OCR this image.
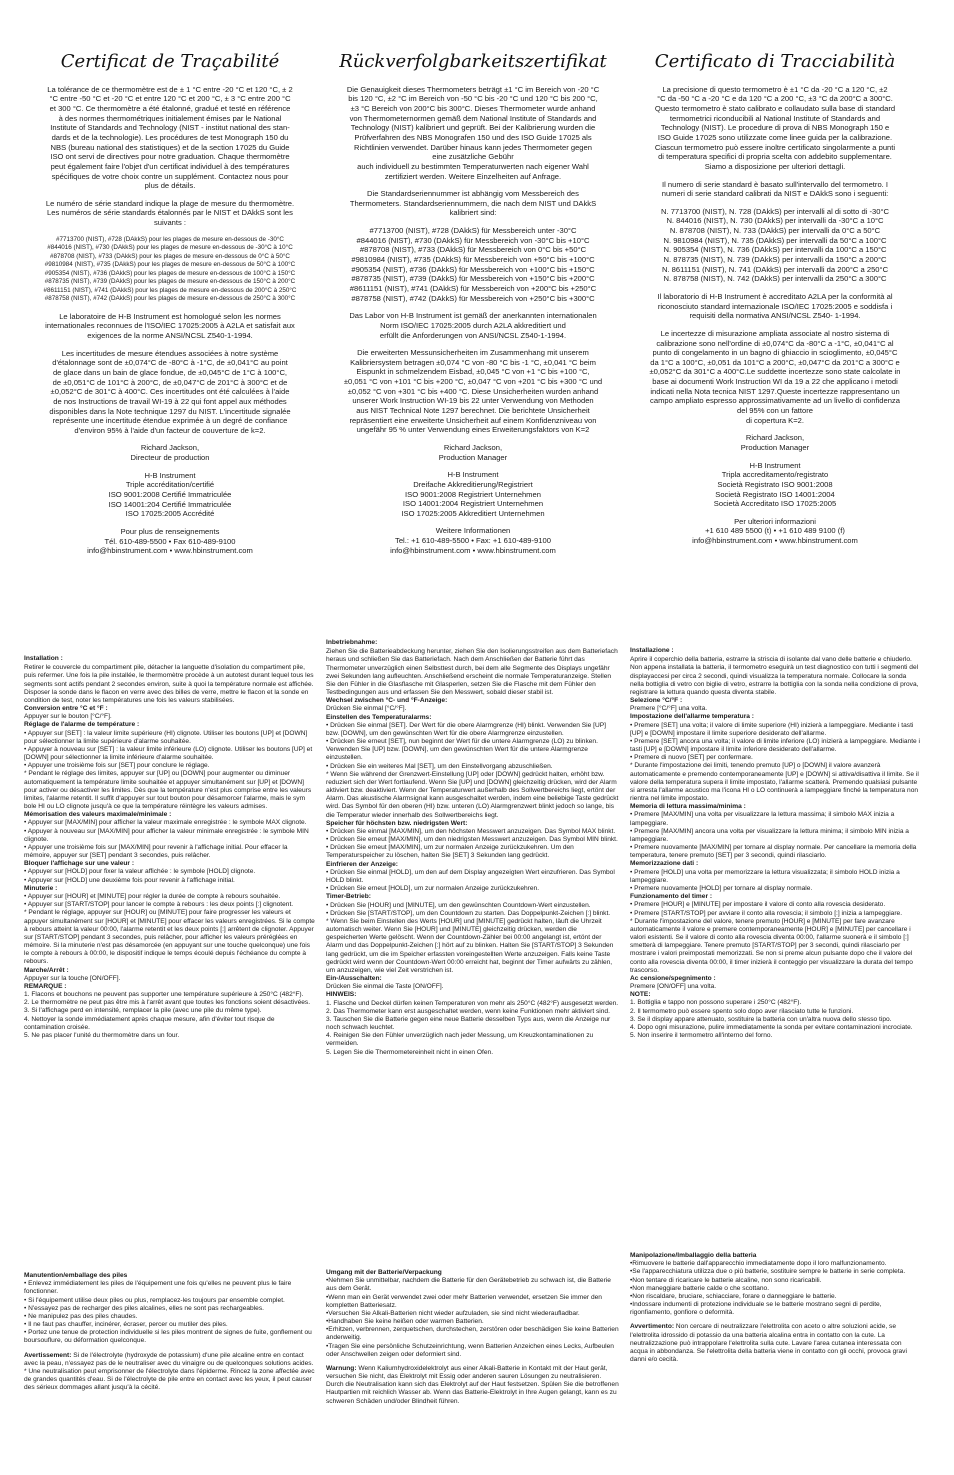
Certificat de Traçabilité

La tolérance de ce thermomètre est de ± 1 °C entre -20 °C et 120 °C, ± 2
°C entre -50 °C et -20 °C et entre 120 °C et 200 °C, ± 3 °C entre 200 °C
et 300 °C. Ce thermomètre a été étalonné, gradué et testé en référence
à des normes thermométriques initialement émises par le National
Institute of Standards and Technology (NIST - institut national des stan-
dards et de la technologie). Les procédures de test Monograph 150 du
NBS (bureau national des statistiques) et de la section 17025 du Guide
ISO ont servi de directives pour notre graduation. Chaque thermomètre
peut également faire l'objet d'un certificat individuel à des températures
spécifiques de votre choix contre un supplément. Contactez nous pour
plus de détails.

Le numéro de série standard indique la plage de mesure du thermomètre.
Les numéros de série standards étalonnés par le NIST et DAkkS sont les
suivants :

#7713700 (NIST), #728 (DAkkS) pour les plages de mesure en-dessous de -30°C
#844016 (NIST), #730 (DAkkS) pour les plages de mesure en-dessous de -30°C à 10°C
#878708 (NIST), #733 (DAkkS) pour les plages de mesure en-dessous de 0°C à 50°C
#9810984 (NIST), #735 (DAkkS) pour les plages de mesure en-dessous de 50°C à 100°C
#905354 (NIST), #736 (DAkkS) pour les plages de mesure en-dessous de 100°C à 150°C
#878735 (NIST), #739 (DAkkS) pour les plages de mesure en-dessous de 150°C à 200°C
#8611151 (NIST), #741 (DAkkS) pour les plages de mesure en-dessous de 200°C à 250°C
#878758 (NIST), #742 (DAkkS) pour les plages de mesure en-dessous de 250°C à 300°C

Le laboratoire de H-B Instrument est homologué selon les normes
internationales reconnues de l'ISO/IEC 17025:2005 à A2LA et satisfait aux
exigences de la norme ANSI/NCSL Z540-1-1994.

Les incertitudes de mesure étendues associées à notre système
d'étalonnage sont de ±0,074°C de -80°C à -1°C, de ±0,041°C au point
de glace dans un bain de glace fondue, de ±0,045°C de 1°C à 100°C,
de ±0,051°C de 101°C à 200°C, de ±0,047°C de 201°C à 300°C et de
±0,052°C de 301°C à 400°C. Ces incertitudes ont été calculées à l'aide
de nos Instructions de travail WI-19 à 22 qui font appel aux méthodes
disponibles dans la Note technique 1297 du NIST. L'incertitude signalée
représente une incertitude étendue exprimée à un degré de confiance
d'environ 95% à l'aide d'un facteur de couverture de k=2.

Richard Jackson,
Directeur de production

H-B Instrument
Triple accréditation/certifié
ISO 9001:2008 Certifié Immatriculée
ISO 14001:204 Certifié Immatriculée
ISO 17025:2005 Accrédité

Pour plus de renseignements
Tél. 610-489-5500 • Fax 610-489-9100
info@hbinstrument.com • www.hbinstrument.com

Rückverfolgbarkeitszertifikat

Die Genauigkeit dieses Thermometers beträgt ±1 °C im Bereich von -20 °C
bis 120 °C, ±2 °C im Bereich von -50 °C bis -20 °C und 120 °C bis 200 °C,
±3 °C Bereich von 200°C bis 300°C. Dieses Thermometer wurde anhand
von Thermometernormen gemäß dem National Institute of Standards and
Technology (NIST) kalibriert und geprüft. Bei der Kalibrierung wurden die
Prüfverfahren des NBS Monografen 150 und des ISO Guide 17025 als
Richtlinien verwendet. Darüber hinaus kann jedes Thermometer gegen
eine zusätzliche Gebühr
auch individuell zu bestimmten Temperaturwerten nach eigener Wahl
zertifiziert werden. Weitere Einzelheiten auf Anfrage.

Die Standardseriennummer ist abhängig vom Messbereich des
Thermometers. Standardseriennummern, die nach dem NIST und DAkkS
kalibriert sind:

#7713700 (NIST), #728 (DAkkS) für Messbereich unter -30°C
#844016 (NIST), #730 (DAkkS) für Messbereich von -30°C bis +10°C
#878708 (NIST), #733 (DAkkS) für Messbereich von 0°C bis +50°C
#9810984 (NIST), #735 (DAkkS) für Messbereich von +50°C bis +100°C
#905354 (NIST), #736 (DAkkS) für Messbereich von +100°C bis +150°C
#878735 (NIST), #739 (DAkkS) für Messbereich von +150°C bis +200°C
#8611151 (NIST), #741 (DAkkS) für Messbereich von +200°C bis +250°C
#878758 (NIST), #742 (DAkkS) für Messbereich von +250°C bis +300°C

Das Labor von H-B Instrument ist gemäß der anerkannten internationalen
Norm ISO/IEC 17025:2005 durch A2LA akkreditiert und
erfüllt die Anforderungen von ANSI/NCSL Z540-1-1994.

Die erweiterten Messunsicherheiten im Zusammenhang mit unserem
Kalibriersystem betragen ±0,074 °C von -80 °C bis -1 °C, ±0,041 °C beim
Eispunkt in schmelzendem Eisbad, ±0,045 °C von +1 °C bis +100 °C,
±0,051 °C von +101 °C bis +200 °C, ±0,047 °C von +201 °C bis +300 °C und
±0,052 °C von +301 °C bis +400 °C. Diese Unsicherheiten wurden anhand
unserer Work Instruction WI-19 bis 22 unter Verwendung von Methoden
aus NIST Technical Note 1297 berechnet. Die berichtete Unsicherheit
repräsentiert eine erweiterte Unsicherheit auf einem Konfidenzniveau von
ungefähr 95 % unter Verwendung eines Erweiterungsfaktors von K=2

Richard Jackson,
Production Manager

H-B Instrument
Dreifache Akkreditierung/Registriert
ISO 9001:2008 Registriert Unternehmen
ISO 14001:2004 Registriert Unternehmen
ISO 17025:2005 Akkreditiert Unternehmen

Weitere Informationen
Tel.: +1 610-489-5500 • Fax: +1 610-489-9100
info@hbinstrument.com • www.hbinstrument.com

Certificato di Tracciabilità

La precisione di questo termometro è ±1 °C da -20 °C a 120 °C, ±2
°C da -50 °C a -20 °C e da 120 °C a 200 °C, ±3 °C da 200°C a 300°C.
Questo termometro è stato calibrato e collaudato sulla base di standard
termometrici riconducibili al National Institute of Standards and
Technology (NIST). Le procedure di prova di NBS Monograph 150 e
ISO Guide 17025 sono utilizzate come linee guida per la calibrazione.
Ciascun termometro può essere inoltre certificato singolarmente a punti
di temperatura specifici di propria scelta con addebito supplementare.
Siamo a disposizione per ulteriori dettagli.

Il numero di serie standard è basato sull'intervallo del termometro. I
numeri di serie standard calibrati da NIST e DAkkS sono i seguenti:

N. 7713700 (NIST), N. 728 (DAkkS) per intervalli al di sotto di -30°C
N. 844016 (NIST), N. 730 (DAkkS) per intervalli da -30°C a 10°C
N. 878708 (NIST), N. 733 (DAkkS) per intervalli da 0°C a 50°C
N. 9810984 (NIST), N. 735 (DAkkS) per intervalli da 50°C a 100°C
N. 905354 (NIST), N. 736 (DAkkS) per intervalli da 100°C a 150°C
N. 878735 (NIST), N. 739 (DAkkS) per intervalli da 150°C a 200°C
N. 8611151 (NIST), N. 741 (DAkkS) per intervalli da 200°C a 250°C
N. 878758 (NIST), N. 742 (DAkkS) per intervalli da 250°C a 300°C

Il laboratorio di H-B Instrument è accreditato A2LA per la conformità al
riconosciuto standard internazionale ISO/IEC 17025:2005 e soddisfa i
requisiti della normativa ANSI/NCSL Z540- 1-1994.

Le incertezze di misurazione ampliata associate al nostro sistema di
calibrazione sono nell'ordine di ±0,074°C da -80°C a -1°C, ±0,041°C al
punto di congelamento in un bagno di ghiaccio in scioglimento, ±0,045°C
da 1°C a 100°C, ±0,051 da 101°C a 200°C, ±0,047°C da 201°C a 300°C e
±0,052°C da 301°C a 400°C.Le suddette incertezze sono state calcolate in
base ai documenti Work Instruction WI da 19 a 22 che applicano i metodi
indicati nella Nota tecnica NIST 1297.Queste incertezze rappresentano un
campo ampliato espresso approssimativamente ad un livello di confidenza
del 95% con un fattore
di copertura K=2.

Richard Jackson,
Production Manager

H-B Instrument
Tripla accreditamento/registrato
Società Registrato ISO 9001:2008
Società Registrato ISO 14001:2004
Società Accreditato ISO 17025:2005

Per ulteriori informazioni
+1 610 489 5500 (t) • +1 610 489 9100 (f)
info@hbinstrument.com • www.hbinstrument.com

Installation :
Retirer le couvercle du compartiment pile, détacher la languette d'isolation du compartiment pile, puis refermer. Une fois la pile installée, le thermomètre procède à un autotest durant lequel tous les segments sont actifs pendant 2 secondes environ, suite à quoi la température normale est affichée. Disposer la sonde dans le flacon en verre avec des billes de verre, mettre le flacon et la sonde en condition de test, noter les températures une fois les valeurs stabilisées.
Conversion entre °C et °F :
Appuyer sur le bouton [°C/°F].
Réglage de l'alarme de température :
• Appuyer sur [SET] : la valeur limite supérieure (HI) clignote. Utiliser les boutons [UP] et [DOWN] pour sélectionner la limite supérieure d'alarme souhaitée.
• Appuyer à nouveau sur [SET] : la valeur limite inférieure (LO) clignote. Utiliser les boutons [UP] et [DOWN] pour sélectionner la limite inférieure d'alarme souhaitée.
• Appuyer une troisième fois sur [SET] pour conclure le réglage.
* Pendant le réglage des limites, appuyer sur [UP] ou [DOWN] pour augmenter ou diminuer automatiquement la température limite souhaitée et appuyer simultanément sur [UP] et [DOWN] pour activer ou désactiver les limites. Dès que la température n'est plus comprise entre les valeurs limites, l'alarme retentit. Il suffit d'appuyer sur tout bouton pour désamorcer l'alarme, mais le sym bole HI ou LO clignote jusqu'à ce que la température réintègre les valeurs admises.
Mémorisation des valeurs maximale/minimale :
• Appuyer sur [MAX/MIN] pour afficher la valeur maximale enregistrée : le symbole MAX clignote.
• Appuyer à nouveau sur [MAX/MIN] pour afficher la valeur minimale enregistrée : le symbole MIN clignote.
• Appuyer une troisième fois sur [MAX/MIN] pour revenir à l'affichage initial. Pour effacer la mémoire, appuyer sur [SET] pendant 3 secondes, puis relâcher.
Bloquer l'affichage sur une valeur :
• Appuyer sur [HOLD] pour fixer la valeur affichée : le symbole [HOLD] clignote.
• Appuyer sur [HOLD] une deuxième fois pour revenir à l'affichage initial.
Minuterie :
• Appuyer sur [HOUR] et [MINUTE] pour régler la durée de compte à rebours souhaitée.
• Appuyer sur [START/STOP] pour lancer le compte à rebours : les deux points [:] clignotent.
* Pendant le réglage, appuyer sur [HOUR] ou [MINUTE] pour faire progresser les valeurs et appuyer simultanément sur [HOUR] et [MINUTE] pour effacer les valeurs enregistrées. Si le compte à rebours atteint la valeur 00:00, l'alarme retentit et les deux points [:] arrêtent de clignoter. Appuyer sur [START/STOP] pendant 3 secondes, puis relâcher, pour afficher les valeurs préréglées en mémoire. Si la minuterie n'est pas désamorcée (en appuyant sur une touche quelconque) une fois le compte à rebours à 00:00, le dispositif indique le temps écoulé depuis l'échéance du compte à rebours.
Marche/Arrêt :
Appuyer sur la touche [ON/OFF].
REMARQUE :
1. Flacons et bouchons ne peuvent pas supporter une température supérieure à 250°C (482°F).
2. Le thermomètre ne peut pas être mis à l'arrêt avant que toutes les fonctions soient désactivées.
3. Si l'affichage perd en intensité, remplacer la pile (avec une pile du même type).
4. Nettoyer la sonde immédiatement après chaque mesure, afin d'éviter tout risque de contamination croisée.
5. Ne pas placer l'unité du thermomètre dans un four.
Inbetriebnahme:
Ziehen Sie die Batterieabdeckung herunter, ziehen Sie den Isolierungsstreifen aus dem Batteriefach heraus und schließen Sie das Batteriefach. Nach dem Anschließen der Batterie führt das Thermometer unverzüglich einen Selbsttest durch, bei dem alle Segmente des Displays ungefähr zwei Sekunden lang aufleuchten. Anschließend erscheint die normale Temperaturanzeige. Stellen Sie den Fühler in die Glasflasche mit Glasperlen, setzen Sie die Flasche mit dem Fühler den Testbedingungen aus und erfassen Sie den Messwert, sobald dieser stabil ist.
Wechsel zwischen °C- und °F-Anzeige:
Drücken Sie einmal [°C/°F].
Einstellen des Temperaturalarms:
• Drücken Sie einmal [SET]. Der Wert für die obere Alarmgrenze (HI) blinkt. Verwenden Sie [UP] bzw. [DOWN], um den gewünschten Wert für die obere Alarmgrenze einzustellen.
• Drücken Sie erneut [SET], nun beginnt der Wert für die untere Alarmgrenze (LO) zu blinken. Verwenden Sie [UP] bzw. [DOWN], um den gewünschten Wert für die untere Alarmgrenze einzustellen.
• Drücken Sie ein weiteres Mal [SET], um den Einstellvorgang abzuschließen.
* Wenn Sie während der Grenzwert-Einstellung [UP] oder [DOWN] gedrückt halten, erhöht bzw. reduziert sich der Wert fortlaufend. Wenn Sie [UP] und [DOWN] gleichzeitig drücken, wird der Alarm aktiviert bzw. deaktiviert. Wenn der Temperaturwert außerhalb des Sollwertbereichs liegt, ertönt der Alarm. Das akustische Alarmsignal kann ausgeschaltet werden, indem eine beliebige Taste gedrückt wird. Das Symbol für den oberen (HI) bzw. unteren (LO) Alarmgrenzwert blinkt jedoch so lange, bis die Temperatur wieder innerhalb des Sollwertbereichs liegt.
Speicher für höchsten bzw. niedrigsten Wert:
• Drücken Sie einmal [MAX/MIN], um den höchsten Messwert anzuzeigen. Das Symbol MAX blinkt.
• Drücken Sie erneut [MAX/MIN], um den niedrigsten Messwert anzuzeigen. Das Symbol MIN blinkt.
• Drücken Sie erneut [MAX/MIN], um zur normalen Anzeige zurückzukehren. Um den Temperaturspeicher zu löschen, halten Sie [SET] 3 Sekunden lang gedrückt.
Einfrieren der Anzeige:
• Drücken Sie einmal [HOLD], um den auf dem Display angezeigten Wert einzufrieren. Das Symbol HOLD blinkt.
• Drücken Sie erneut [HOLD], um zur normalen Anzeige zurückzukehren.
Timer-Betrieb:
• Drücken Sie [HOUR] und [MINUTE], um den gewünschten Countdown-Wert einzustellen.
• Drücken Sie [START/STOP], um den Countdown zu starten. Das Doppelpunkt-Zeichen [:] blinkt.
* Wenn Sie beim Einstellen des Werts [HOUR] und [MINUTE] gedrückt halten, läuft die Uhrzeit automatisch weiter. Wenn Sie [HOUR] und [MINUTE] gleichzeitig drücken, werden die gespeicherten Werte gelöscht. Wenn der Countdown-Zähler bei 00:00 angelangt ist, ertönt der Alarm und das Doppelpunkt-Zeichen [:] hört auf zu blinken. Halten Sie [START/STOP] 3 Sekunden lang gedrückt, um die im Speicher erfassten voreingestellten Werte anzuzeigen. Falls keine Taste gedrückt wird wenn der Countdown-Wert 00:00 erreicht hat, beginnt der Timer aufwärts zu zählen, um anzuzeigen, wie viel Zeit verstrichen ist.
Ein-/Ausschalten:
Drücken Sie einmal die Taste [ON/OFF].
HINWEIS:
1. Flasche und Deckel dürfen keinen Temperaturen von mehr als 250°C (482°F) ausgesetzt werden.
2. Das Thermometer kann erst ausgeschaltet werden, wenn keine Funktionen mehr aktiviert sind.
3. Tauschen Sie die Batterie gegen eine neue Batterie desselben Typs aus, wenn die Anzeige nur noch schwach leuchtet.
4. Reinigen Sie den Fühler unverzüglich nach jeder Messung, um Kreuzkontaminationen zu vermeiden.
5. Legen Sie die Thermometereinheit nicht in einen Ofen.
Installazione :
Aprire il coperchio della batteria, estrarre la striscia di isolante dal vano delle batterie e chiuderlo. Non appena installata la batteria, il termometro eseguirà un test diagnostico con tutti i segmenti del displayaccesi per circa 2 secondi, quindi visualizza la temperatura normale. Collocare la sonda nella bottiglia di vetro con biglie di vetro, estrarre la bottiglia con la sonda nella condizione di prova, registrare la lettura quando questa diventa stabile.
Selezione °C/°F :
Premere [°C/°F] una volta.
Impostazione dell'allarme temperatura :
• Premere [SET] una volta; il valore di limite superiore (HI) inizierà a lampeggiare. Mediante i tasti [UP] e [DOWN] impostare il limite superiore desiderato dell'allarme.
• Premere [SET] ancora una volta; il valore di limite inferiore (LO) inizierà a lampeggiare. Mediante i tasti [UP] e [DOWN] impostare il limite inferiore desiderato dell'allarme.
• Premere di nuovo [SET] per confermare.
* Durante l'impostazione dei limiti, tenendo premuto [UP] o [DOWN] il valore avanzerà automaticamente e premendo contemporaneamente [UP] e [DOWN] si attiva/disattiva il limite. Se il valore della temperatura supera il limite impostato, l'allarme scatterà. Premendo qualsiasi pulsante si arresta l'allarme acustico ma l'icona HI o LO continuerà a lampeggiare finché la temperatura non rientra nel limite impostato.
Memoria di lettura massima/minima :
• Premere [MAX/MIN] una volta per visualizzare la lettura massima; il simbolo MAX inizia a lampeggiare.
• Premere [MAX/MIN] ancora una volta per visualizzare la lettura minima; il simbolo MIN inizia a lampeggiare.
• Premere nuovamente [MAX/MIN] per tornare al display normale. Per cancellare la memoria della temperatura, tenere premuto [SET] per 3 secondi, quindi rilasciarlo.
Memorizzazione dati :
• Premere [HOLD] una volta per memorizzare la lettura visualizzata; il simbolo HOLD inizia a lampeggiare.
• Premere nuovamente [HOLD] per tornare al display normale.
Funzionamento del timer :
• Premere [HOUR] e [MINUTE] per impostare il valore di conto alla rovescia desiderato.
• Premere [START/STOP] per avviare il conto alla rovescia; il simbolo [:] inizia a lampeggiare.
* Durante l'impostazione del valore, tenere premuto [HOUR] e [MINUTE] per fare avanzare automaticamente il valore e premere contemporaneamente [HOUR] e [MINUTE] per cancellare i valori esistenti. Se il valore di conto alla rovescia diventa 00:00, l'allarme suonerà e il simbolo [:] smetterà di lampeggiare. Tenere premuto [START/STOP] per 3 secondi, quindi rilasciarlo per mostrare i valori preimpostati memorizzati. Se non si preme alcun pulsante dopo che il valore del conto alla rovescia diventa 00:00, il timer inizierà il conteggio per visualizzare la durata del tempo trascorso.
Ac censione/spegnimento :
Premere [ON/OFF] una volta.
NOTE:
1. Bottiglia e tappo non possono superare i 250°C (482°F).
2. Il termometro può essere spento solo dopo aver rilasciato tutte le funzioni.
3. Se il display appare attenuato, sostituire la batteria con un'altra nuova dello stesso tipo.
4. Dopo ogni misurazione, pulire immediatamente la sonda per evitare contaminazioni incrociate.
5. Non inserire il termometro all'interno del forno.
Manutention/emballage des piles

• Enlevez immédiatement les piles de l'équipement une fois qu'elles ne peuvent plus le faire fonctionner.
• Si l'équipement utilise deux piles ou plus, remplacez-les toujours par ensemble complet.
• N'essayez pas de recharger des piles alcalines, elles ne sont pas rechargeables.
• Ne manipulez pas des piles chaudes.
• Il ne faut pas chauffer, incinérer, écraser, percer ou mutiler des piles.
• Portez une tenue de protection individuelle si les piles montrent de signes de fuite, gonflement ou boursouflure, ou déformation quelconque.

Avertissement: Si de l'électrolyte (hydroxyde de potassium) d'une pile alcaline entre en contact avec la peau, n'essayez pas de le neutraliser avec du vinaigre ou de quelconques solutions acides. * Une neutralisation peut emprisonner de l'électrolyte dans l'épiderme. Rincez la zone affectée avec de grandes quantités d'eau. Si de l'électrolyte de pile entre en contact avec les yeux, il peut causer des sérieux dommages allant jusqu'à la cécité.

Umgang mit der Batterie/Verpackung

•Nehmen Sie unmittelbar, nachdem die Batterie für den Gerätebetrieb zu schwach ist, die Batterie aus dem Gerät.
•Wenn man ein Gerät verwendet zwei oder mehr Batterien verwendet, ersetzen Sie immer den kompletten Batteriesatz.
•Versuchen Sie Alkali-Batterien nicht wieder aufzuladen, sie sind nicht wiederaufladbar.
•Handhaben Sie keine heißen oder warmen Batterien.
•Erhitzen, verbrennen, zerquetschen, durchstechen, zerstören oder beschädigen Sie keine Batterien anderweitig.
•Tragen Sie eine persönliche Schutzeinrichtung, wenn Batterien Anzeichen eines Lecks, Aufbeulen oder Anschwellen zeigen oder deformiert sind.

Warnung: Wenn Kaliumhydroxidelektrolyt aus einer Alkali-Batterie in Kontakt mit der Haut gerät, versuchen Sie nicht, das Elektrolyt mit Essig oder anderen sauren Lösungen zu neutralisieren. Durch die Neutralisation kann sich das Elektrolyt auf der Haut festsetzen. Spülen Sie die betroffenen Hautpartien mit reichlich Wasser ab. Wenn das Batterie-Elektrolyt in Ihre Augen gelangt, kann es zu schweren Schäden und/oder Blindheit führen.

Manipolazione/Imballaggio della batteria

•Rimuovere le batterie dall'apparecchio immediatamente dopo il loro malfunzionamento.
•Se l'apparecchiatura utilizza due o più batterie, sostituire sempre le batterie in serie completa.
•Non tentare di ricaricare le batterie alcaline, non sono ricaricabili.
•Non maneggiare batterie calde o che scottano.
•Non riscaldare, bruciare, schiacciare, forare o danneggiare le batterie.
•Indossare indumenti di protezione individuale se le batterie mostrano segni di perdite, rigonfiamento, gonfiore o deformità.

Avvertimento: Non cercare di neutralizzare l'elettrolita con aceto o altre soluzioni acide, se l'elettrolita idrossido di potassio da una batteria alcalina entra in contatto con la cute. La neutralizzazione può intrappolare l'elettrolita sulla cute. Lavare l'area cutanea interessata con acqua in abbondanza. Se l'elettrolita della batteria viene in contatto con gli occhi, provoca gravi danni e/o cecità.
